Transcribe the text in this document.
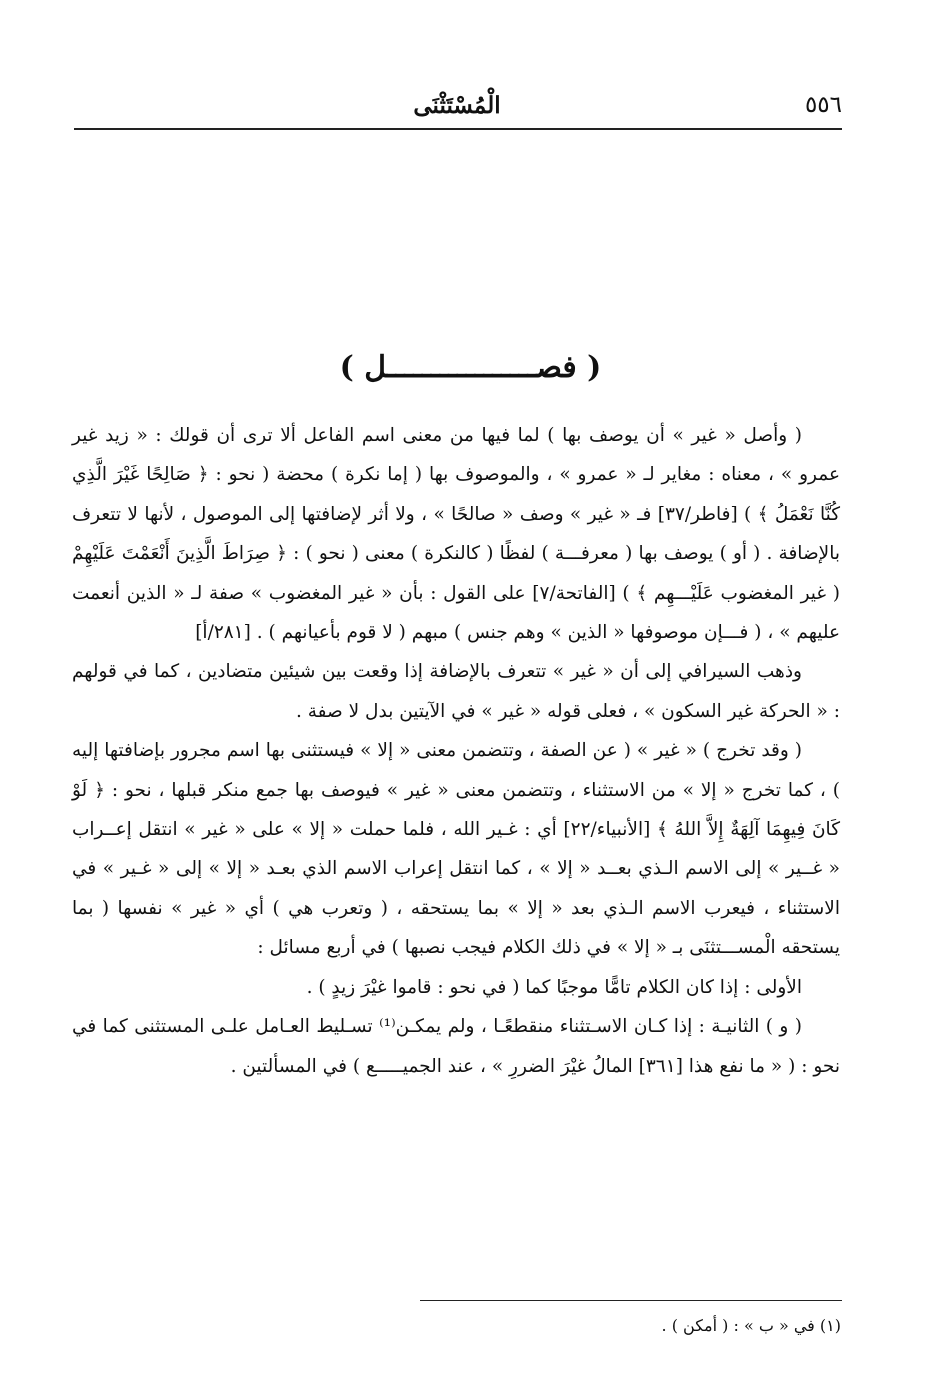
٥٥٦
الْمُسْتَثْنَى
( فصـــــــــــــــــل )

( وأصل « غير » أن يوصف بها ) لما فيها من معنى اسم الفاعل ألا ترى أن قولك : « زيد غير عمرو » ، معناه : مغاير لـ « عمرو » ، والموصوف بها ( إما نكرة ) محضة ( نحو : ﴿ صَالِحًا غَيْرَ الَّذِي كُنَّا نَعْمَلُ ﴾ ) [فاطر/٣٧] فـ « غير » وصف « صالحًا » ، ولا أثر لإضافتها إلى الموصول ، لأنها لا تتعرف بالإضافة . ( أو ) يوصف بها ( معرفـــة ) لفظًا ( كالنكرة ) معنى ( نحو ) : ﴿ صِرَاطَ الَّذِينَ أَنْعَمْتَ عَلَيْهِمْ ( غير المغضوب عَلَيْـــهِم ﴾ ) [الفاتحة/٧] على القول : بأن « غير المغضوب » صفة لـ « الذين أنعمت عليهم » ، ( فـــإن موصوفها « الذين » وهم جنس ) مبهم ( لا قوم بأعيانهم ) . [٢٨١/أ]

وذهب السيرافي إلى أن « غير » تتعرف بالإضافة إذا وقعت بين شيئين متضادين ، كما في قولهم : « الحركة غير السكون » ، فعلى قوله « غير » في الآيتين بدل لا صفة .

( وقد تخرج ) « غير » ( عن الصفة ، وتتضمن معنى « إلا » فيستثنى بها اسم مجرور بإضافتها إليه ) ، كما تخرج « إلا » من الاستثناء ، وتتضمن معنى « غير » فيوصف بها جمع منكر قبلها ، نحو : ﴿ لَوْ كَانَ فِيهِمَا آلِهَةٌ إِلاَّ اللهُ ﴾ [الأنبياء/٢٢] أي : غـير الله ، فلما حملت « إلا » على « غير » انتقل إعــراب « غــير » إلى الاسم الـذي بعــد « إلا » ، كما انتقل إعراب الاسم الذي بعـد « إلا » إلى « غـير » في الاستثناء ، فيعرب الاسم الـذي بعد « إلا » بما يستحقه ، ( وتعرب هي ) أي « غير » نفسها ( بما يستحقه الْمســـتثنَى بـ « إلا » في ذلك الكلام فيجب نصبها ) في أربع مسائل :

الأولى : إذا كان الكلام تامًّا موجبًا كما ( في نحو : قاموا غيْرَ زيدٍ ) .

( و ) الثانيـة : إذا كـان الاسـتثناء منقطعًـا ، ولم يمكـن⁽¹⁾ تسـليط العـامل علـى المستثنى كما في نحو : ( « ما نفع هذا [٣٦١] المالُ غيْرَ الضررِ » ، عند الجميـــــع ) في المسألتين .

(١) في « ب » : ( أمكن ) .
